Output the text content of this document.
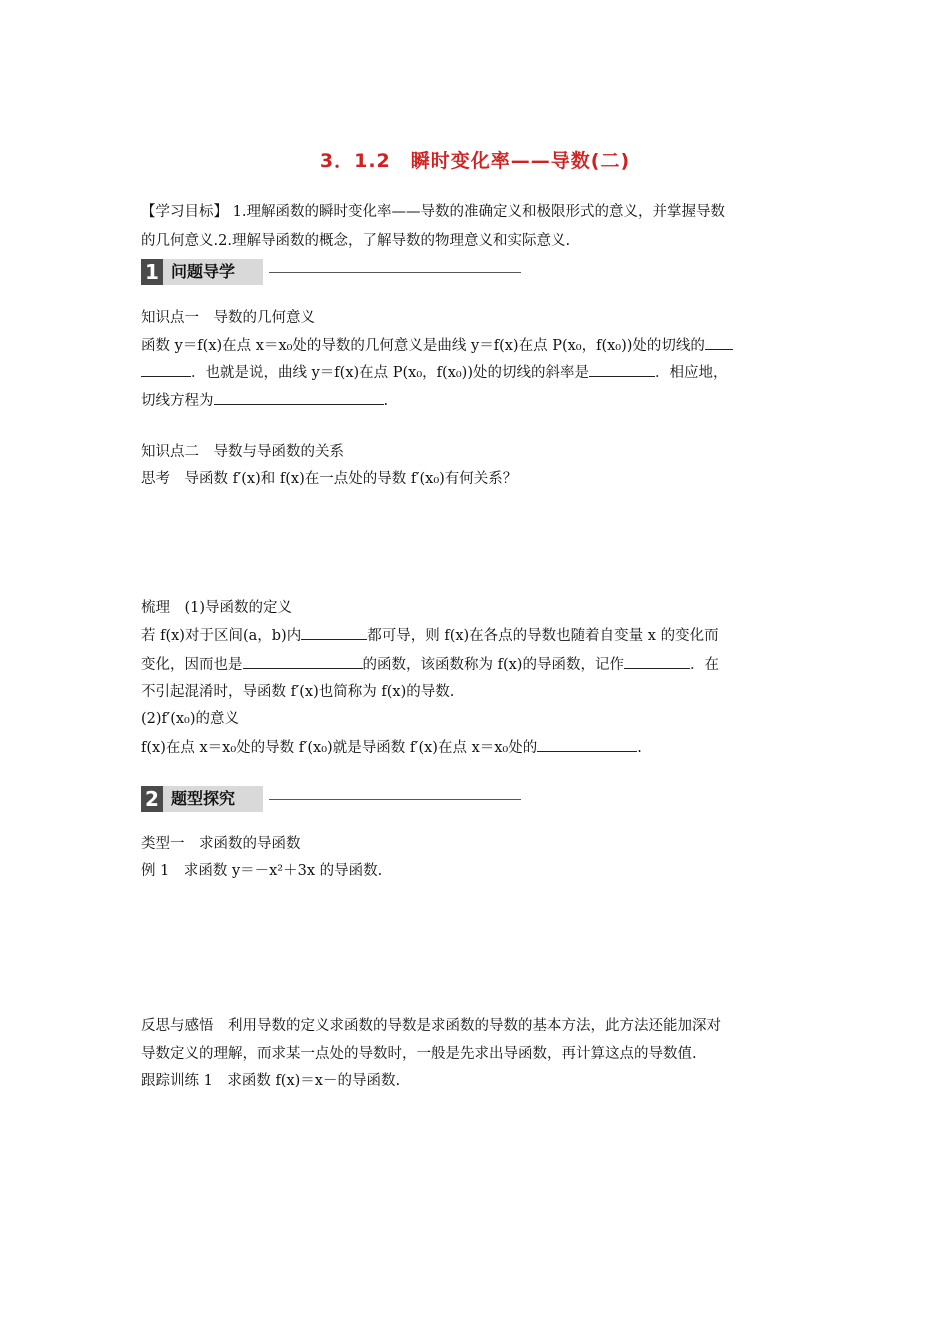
3．1.2　瞬时变化率——导数(二)
【学习目标】 1.理解函数的瞬时变化率——导数的准确定义和极限形式的意义，并掌握导数
的几何意义.2.理解导函数的概念，了解导数的物理意义和实际意义.
1 问题导学
知识点一　导数的几何意义
函数 y＝f(x)在点 x＝x₀处的导数的几何意义是曲线 y＝f(x)在点 P(x₀，f(x₀))处的切线的
．也就是说，曲线 y＝f(x)在点 P(x₀，f(x₀))处的切线的斜率是	．相应地，
切线方程为	.
知识点二　导数与导函数的关系
思考　导函数 f′(x)和 f(x)在一点处的导数 f′(x₀)有何关系？
梳理　(1)导函数的定义
若 f(x)对于区间(a，b)内	都可导，则 f(x)在各点的导数也随着自变量 x 的变化而
变化，因而也是	的函数，该函数称为 f(x)的导函数，记作	．在
不引起混淆时，导函数 f′(x)也简称为 f(x)的导数.
(2)f′(x₀)的意义
f(x)在点 x＝x₀处的导数 f′(x₀)就是导函数 f′(x)在点 x＝x₀处的	.
2 题型探究
类型一　求函数的导函数
例 1　求函数 y＝－x²＋3x 的导函数.
反思与感悟　利用导数的定义求函数的导数是求函数的导数的基本方法，此方法还能加深对
导数定义的理解，而求某一点处的导数时，一般是先求出导函数，再计算这点的导数值.
跟踪训练 1　求函数 f(x)＝x－的导函数.
